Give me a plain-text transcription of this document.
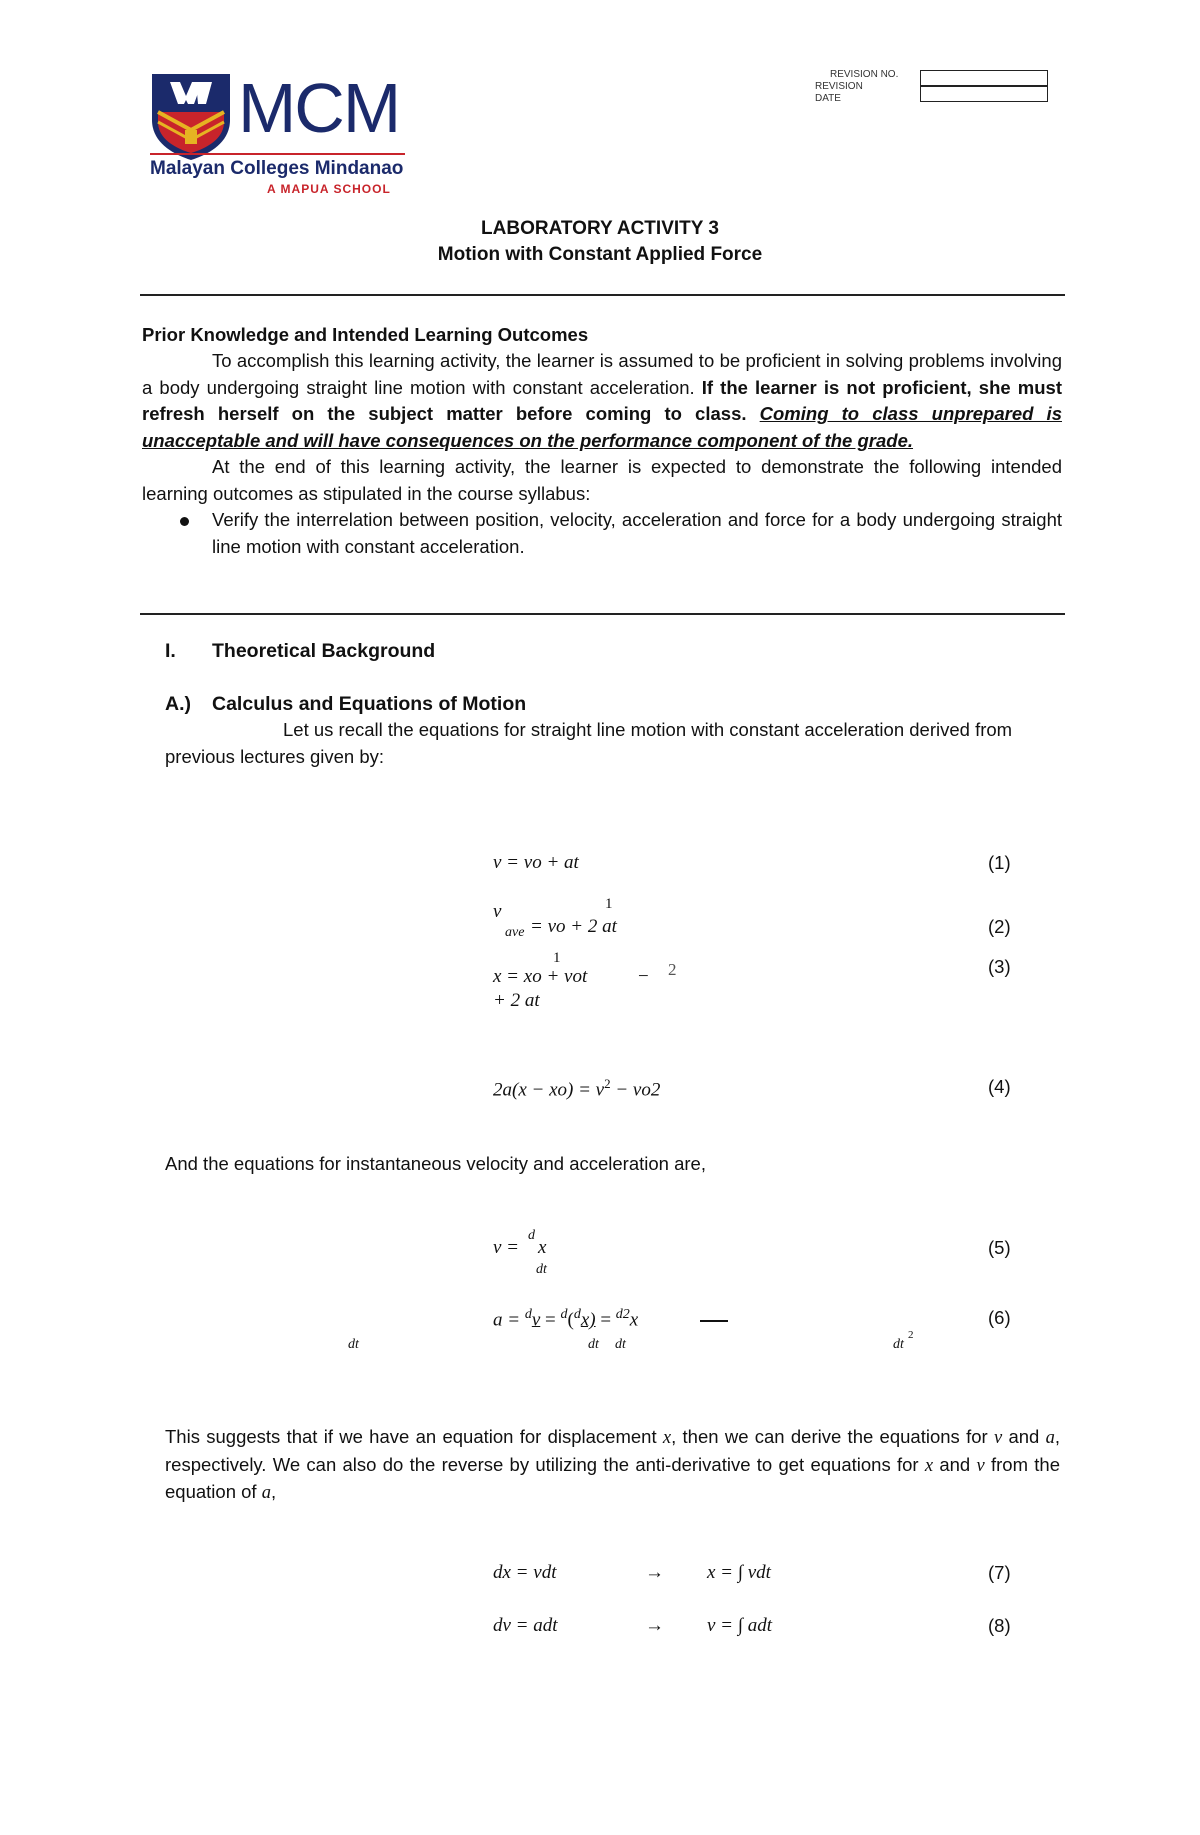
MCM
Malayan Colleges Mindanao
A MAPUA SCHOOL
REVISION NO.
REVISION
DATE
LABORATORY ACTIVITY 3
Motion with Constant Applied Force
Prior Knowledge and Intended Learning Outcomes
To accomplish this learning activity, the learner is assumed to be proficient in solving problems involving a body undergoing straight line motion with constant acceleration. If the learner is not proficient, she must refresh herself on the subject matter before coming to class. Coming to class unprepared is unacceptable and will have consequences on the performance component of the grade.
At the end of this learning activity, the learner is expected to demonstrate the following intended learning outcomes as stipulated in the course syllabus:
Verify the interrelation between position, velocity, acceleration and force for a body undergoing straight line motion with constant acceleration.
I. Theoretical Background
A.) Calculus and Equations of Motion
Let us recall the equations for straight line motion with constant acceleration derived from previous lectures given by:
v = vo + at	(1)
v	1
ave = vo + 2 at	(2)
1
x = xo + vot	− 2
+ 2 at
(3)
$2a(x - xo) = v^2 - vo2$	(4)
And the equations for instantaneous velocity and acceleration are,
v =
d
x
dt
(5)
a = $^d$v = $^d$($^d$x) = $^{d2}$x
dt	dt dt	dt
2
(6)
This suggests that if we have an equation for displacement x, then we can derive the equations for v and a, respectively. We can also do the reverse by utilizing the anti-derivative to get equations for x and v from the equation of a,
dx = vdt	→ x = ∫ vdt	(7)
dv = adt	→ v = ∫ adt	(8)
